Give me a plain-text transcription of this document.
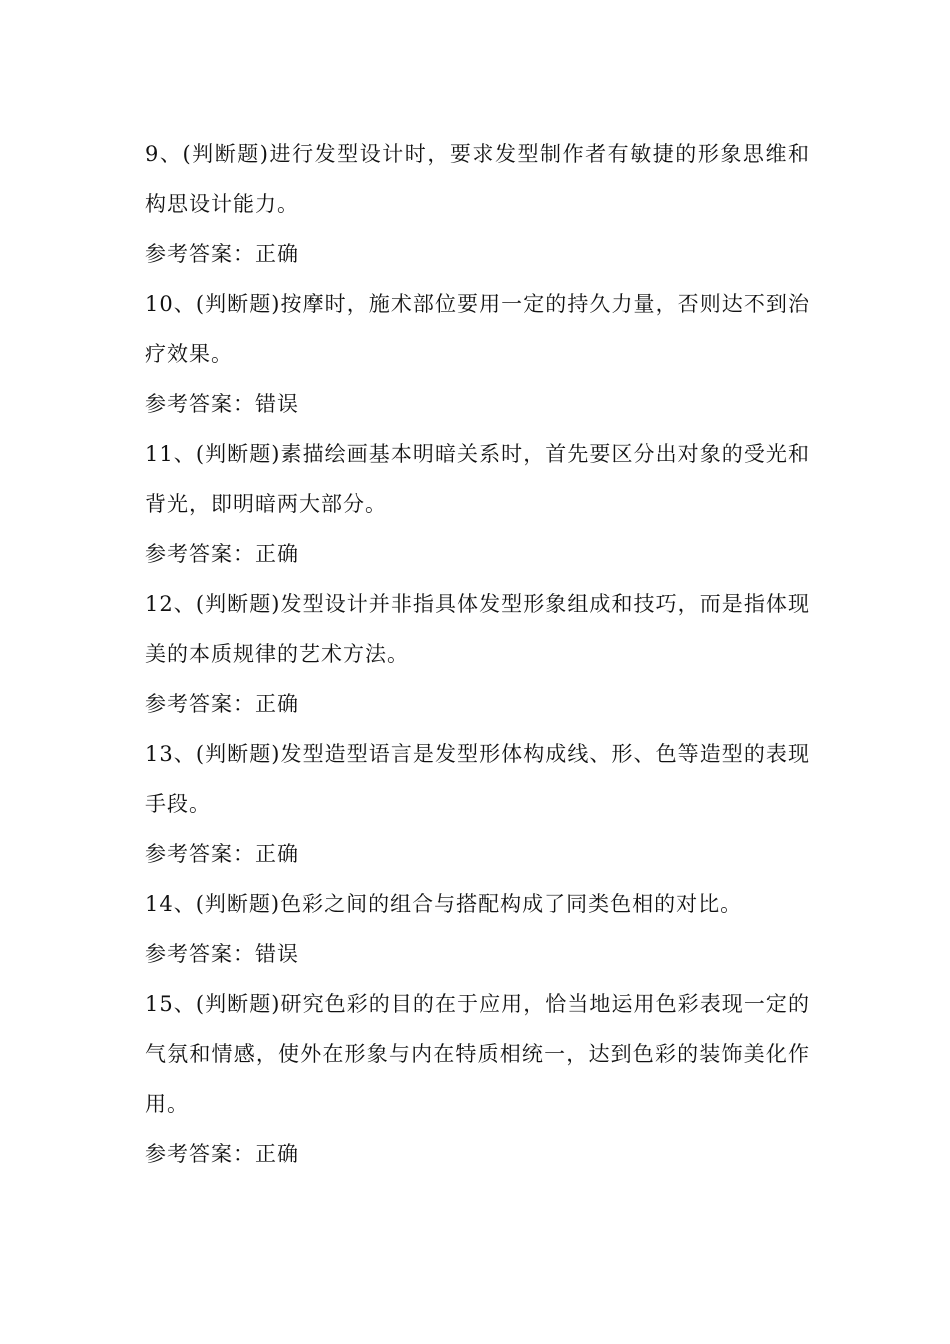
9、(判断题)进行发型设计时，要求发型制作者有敏捷的形象思维和构思设计能力。

参考答案：正确

10、(判断题)按摩时，施术部位要用一定的持久力量，否则达不到治疗效果。

参考答案：错误

11、(判断题)素描绘画基本明暗关系时，首先要区分出对象的受光和背光，即明暗两大部分。

参考答案：正确

12、(判断题)发型设计并非指具体发型形象组成和技巧，而是指体现美的本质规律的艺术方法。

参考答案：正确

13、(判断题)发型造型语言是发型形体构成线、形、色等造型的表现手段。

参考答案：正确

14、(判断题)色彩之间的组合与搭配构成了同类色相的对比。

参考答案：错误

15、(判断题)研究色彩的目的在于应用，恰当地运用色彩表现一定的气氛和情感，使外在形象与内在特质相统一，达到色彩的装饰美化作用。

参考答案：正确
